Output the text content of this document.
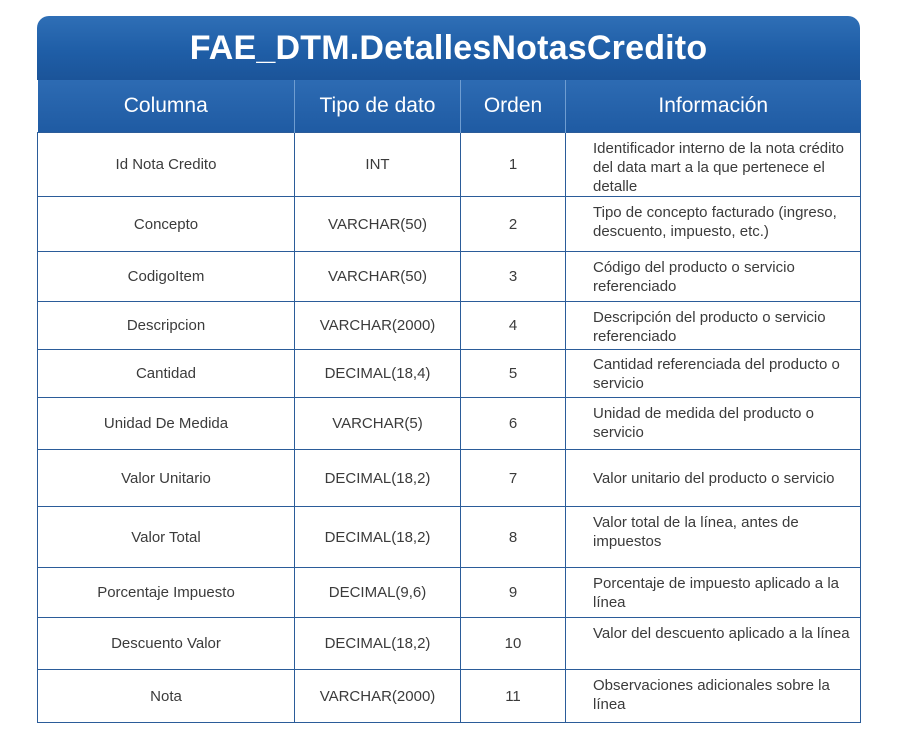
FAE_DTM.DetallesNotasCredito
Columna	Tipo de dato	Orden	Información
Id Nota Credito	INT	1	Identificador interno de la nota crédito del data mart a la que pertenece el detalle
Concepto	VARCHAR(50)	2	Tipo de concepto facturado (ingreso, descuento, impuesto, etc.)
CodigoItem	VARCHAR(50)	3	Código del producto o servicio referenciado
Descripcion	VARCHAR(2000)	4	Descripción del producto o servicio referenciado
Cantidad	DECIMAL(18,4)	5	Cantidad referenciada del producto o servicio
Unidad De Medida	VARCHAR(5)	6	Unidad de medida del producto o servicio
Valor Unitario	DECIMAL(18,2)	7	Valor unitario del producto o servicio
Valor Total	DECIMAL(18,2)	8	Valor total de la línea, antes de impuestos
Porcentaje Impuesto	DECIMAL(9,6)	9	Porcentaje de impuesto aplicado a la línea
Descuento Valor	DECIMAL(18,2)	10	Valor del descuento aplicado a la línea
Nota	VARCHAR(2000)	11	Observaciones adicionales sobre la línea
